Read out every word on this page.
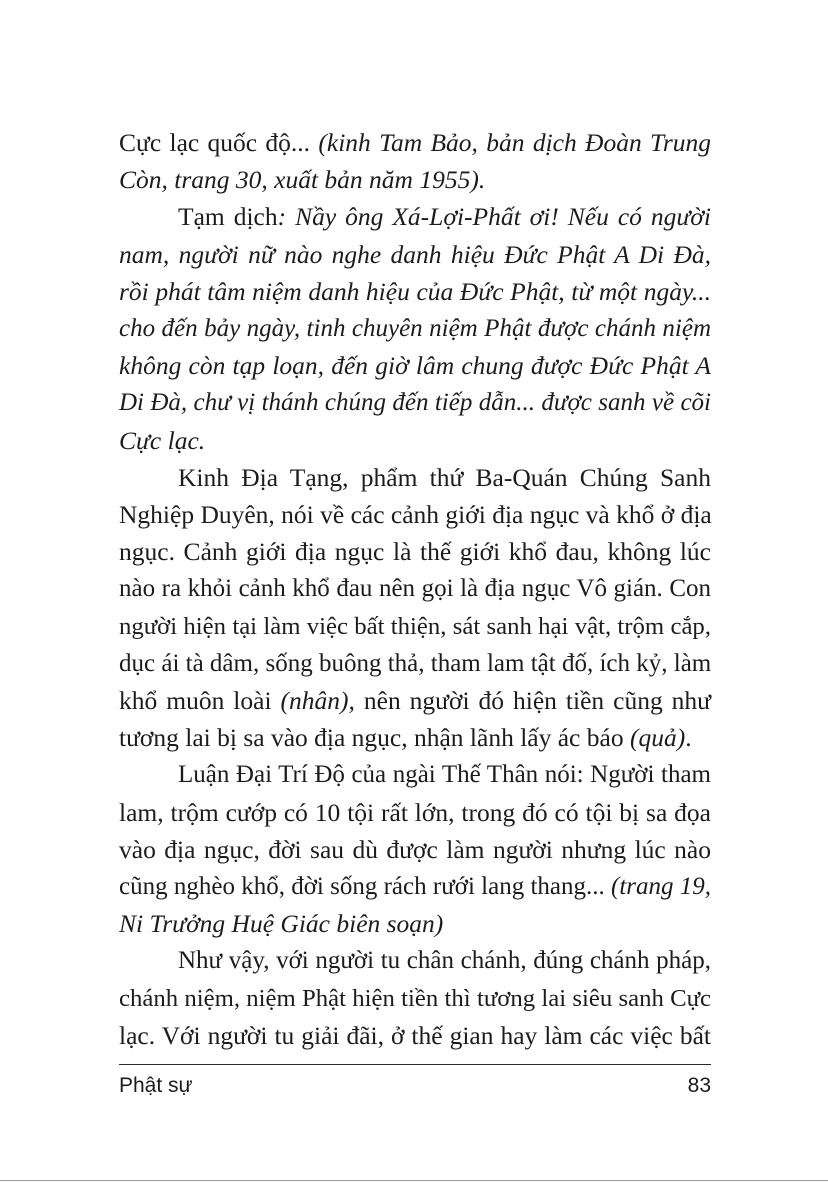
Cực lạc quốc độ... (kinh Tam Bảo, bản dịch Đoàn Trung
Còn, trang 30, xuất bản năm 1955).

Tạm dịch: Nầy ông Xá-Lợi-Phất ơi! Nếu có người
nam, người nữ nào nghe danh hiệu Đức Phật A Di Đà,
rồi phát tâm niệm danh hiệu của Đức Phật, từ một ngày...
cho đến bảy ngày, tinh chuyên niệm Phật được chánh niệm
không còn tạp loạn, đến giờ lâm chung được Đức Phật A
Di Đà, chư vị thánh chúng đến tiếp dẫn... được sanh về cõi
Cực lạc.

Kinh Địa Tạng, phẩm thứ Ba-Quán Chúng Sanh
Nghiệp Duyên, nói về các cảnh giới địa ngục và khổ ở địa
ngục. Cảnh giới địa ngục là thế giới khổ đau, không lúc
nào ra khỏi cảnh khổ đau nên gọi là địa ngục Vô gián. Con
người hiện tại làm việc bất thiện, sát sanh hại vật, trộm cắp,
dục ái tà dâm, sống buông thả, tham lam tật đố, ích kỷ, làm
khổ muôn loài (nhân), nên người đó hiện tiền cũng như
tương lai bị sa vào địa ngục, nhận lãnh lấy ác báo (quả).

Luận Đại Trí Độ của ngài Thế Thân nói: Người tham
lam, trộm cướp có 10 tội rất lớn, trong đó có tội bị sa đọa
vào địa ngục, đời sau dù được làm người nhưng lúc nào
cũng nghèo khổ, đời sống rách rưới lang thang... (trang 19,
Ni Trưởng Huệ Giác biên soạn)

Như vậy, với người tu chân chánh, đúng chánh pháp,
chánh niệm, niệm Phật hiện tiền thì tương lai siêu sanh Cực
lạc. Với người tu giải đãi, ở thế gian hay làm các việc bất

Phật sự	83
